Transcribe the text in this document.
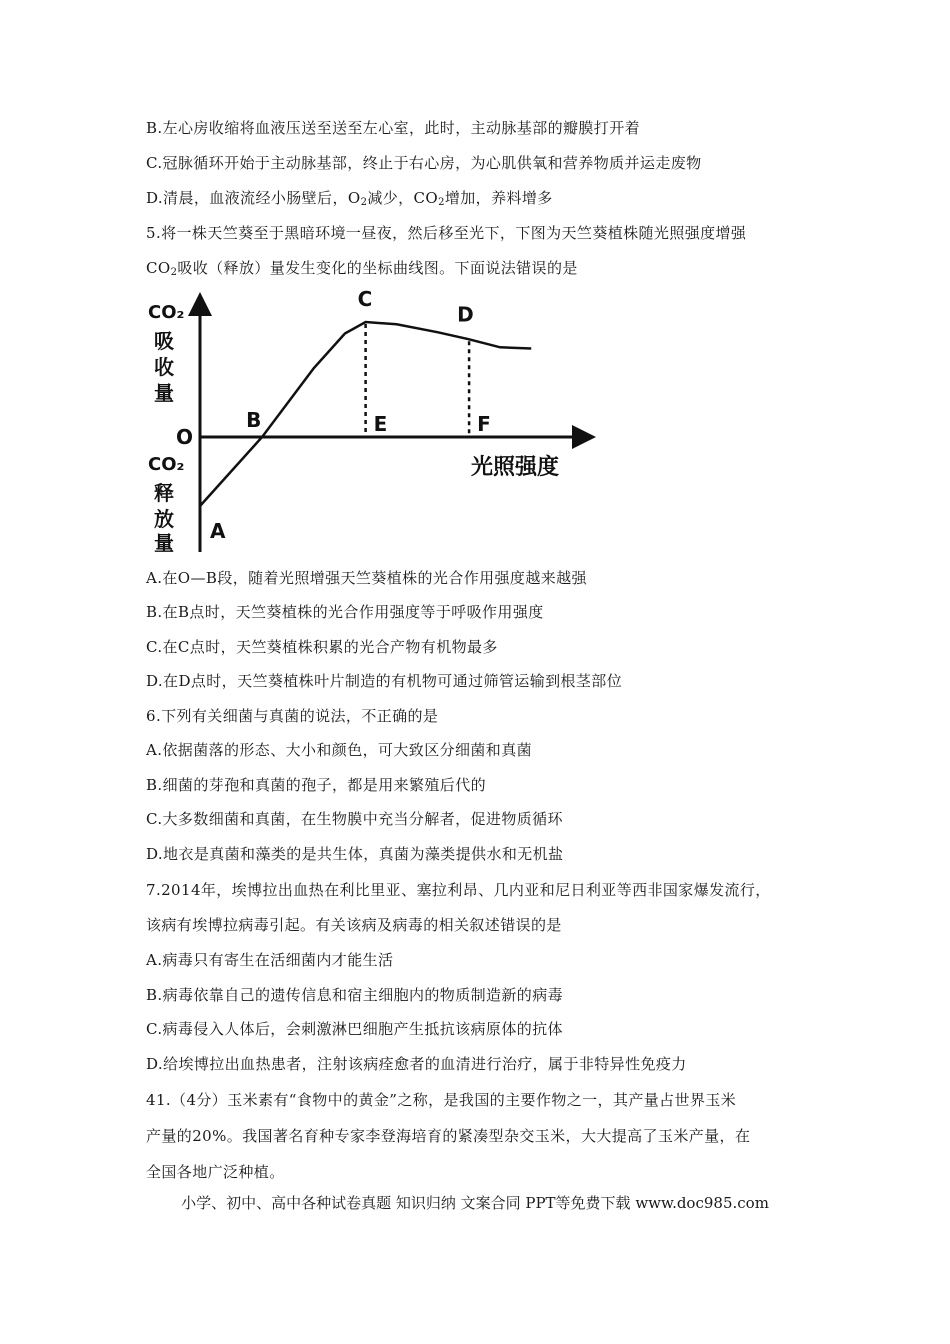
B.左心房收缩将血液压送至送至左心室，此时，主动脉基部的瓣膜打开着
C.冠脉循环开始于主动脉基部，终止于右心房，为心肌供氧和营养物质并运走废物
D.清晨，血液流经小肠壁后，$O_2$减少，$CO_2$增加，养料增多
5.将一株天竺葵至于黑暗环境一昼夜，然后移至光下，下图为天竺葵植株随光照强度增强
$CO_2$吸收（释放）量发生变化的坐标曲线图。下面说法错误的是
E	F
A
B
C
D
O
CO₂
吸
收
量
CO₂
释
放
量
光照强度
A.在O—B段，随着光照增强天竺葵植株的光合作用强度越来越强
B.在B点时，天竺葵植株的光合作用强度等于呼吸作用强度
C.在C点时，天竺葵植株积累的光合产物有机物最多
D.在D点时，天竺葵植株叶片制造的有机物可通过筛管运输到根茎部位
6.下列有关细菌与真菌的说法，不正确的是
A.依据菌落的形态、大小和颜色，可大致区分细菌和真菌
B.细菌的芽孢和真菌的孢子，都是用来繁殖后代的
C.大多数细菌和真菌，在生物膜中充当分解者，促进物质循环
D.地衣是真菌和藻类的是共生体，真菌为藻类提供水和无机盐
7.2014年，埃博拉出血热在利比里亚、塞拉利昂、几内亚和尼日利亚等西非国家爆发流行，
该病有埃博拉病毒引起。有关该病及病毒的相关叙述错误的是
A.病毒只有寄生在活细菌内才能生活
B.病毒依靠自己的遗传信息和宿主细胞内的物质制造新的病毒
C.病毒侵入人体后，会刺激淋巴细胞产生抵抗该病原体的抗体
D.给埃博拉出血热患者，注射该病痊愈者的血清进行治疗，属于非特异性免疫力
41.（4分）玉米素有“食物中的黄金”之称，是我国的主要作物之一，其产量占世界玉米
产量的20%。我国著名育种专家李登海培育的紧凑型杂交玉米，大大提高了玉米产量，在
全国各地广泛种植。
小学、初中、高中各种试卷真题 知识归纳 文案合同 PPT等免费下载 www.doc985.com
